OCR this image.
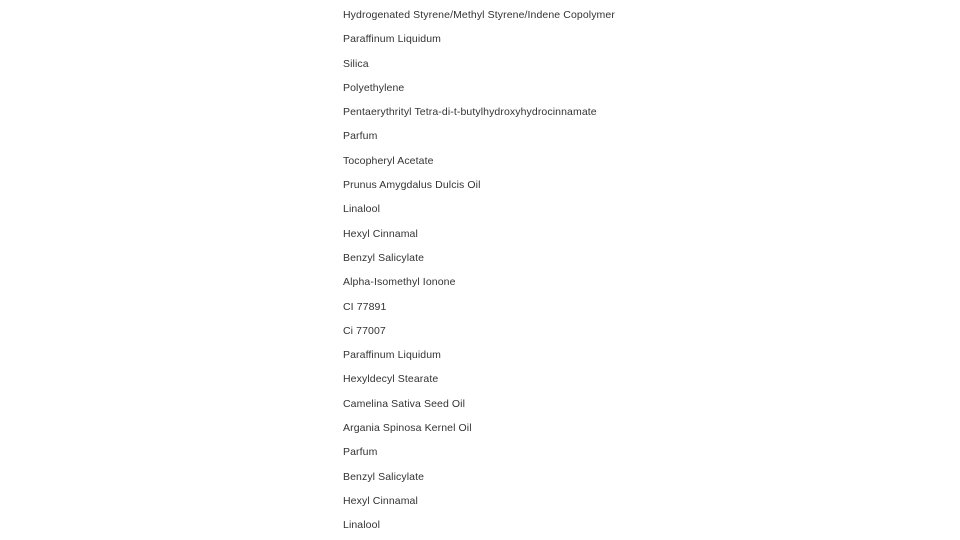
Hydrogenated Styrene/Methyl Styrene/Indene Copolymer
Paraffinum Liquidum
Silica
Polyethylene
Pentaerythrityl Tetra-di-t-butylhydroxyhydrocinnamate
Parfum
Tocopheryl Acetate
Prunus Amygdalus Dulcis Oil
Linalool
Hexyl Cinnamal
Benzyl Salicylate
Alpha-Isomethyl Ionone
CI 77891
Ci 77007
Paraffinum Liquidum
Hexyldecyl Stearate
Camelina Sativa Seed Oil
Argania Spinosa Kernel Oil
Parfum
Benzyl Salicylate
Hexyl Cinnamal
Linalool
